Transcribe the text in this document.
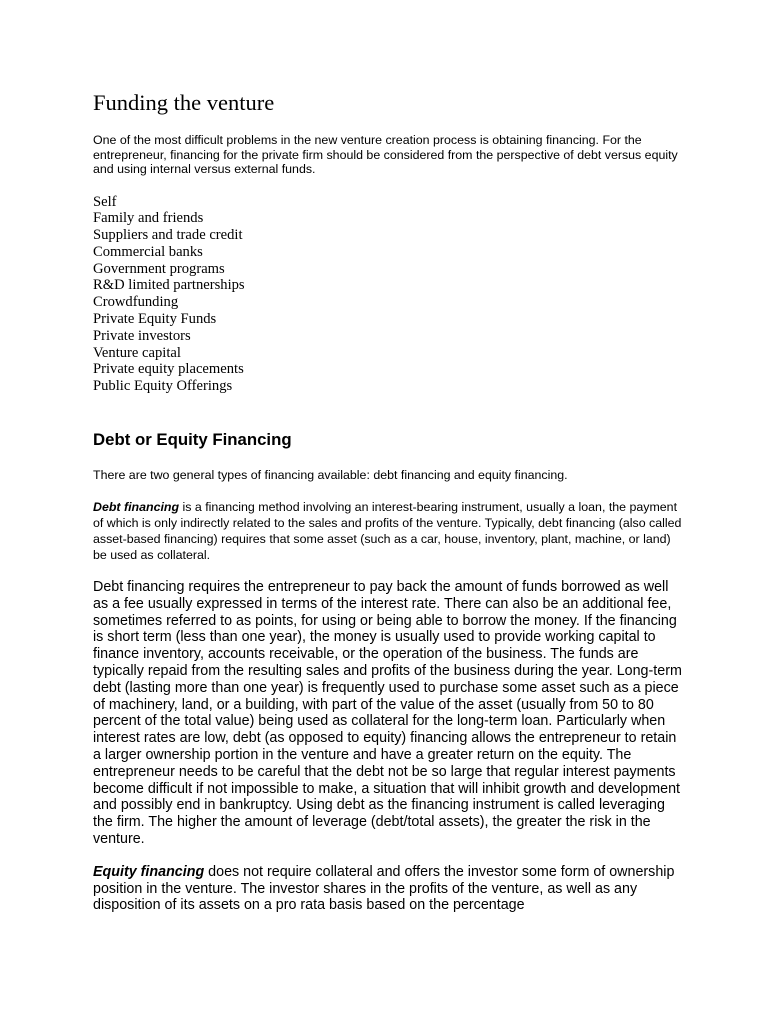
Funding the venture

One of the most difficult problems in the new venture creation process is obtaining financing. For the entrepreneur, financing for the private firm should be considered from the perspective of debt versus equity and using internal versus external funds.

Self
Family and friends
Suppliers and trade credit
Commercial banks
Government programs
R&D limited partnerships
Crowdfunding
Private Equity Funds
Private investors
Venture capital
Private equity placements
Public Equity Offerings
Debt or Equity Financing

There are two general types of financing available: debt financing and equity financing.

Debt financing is a financing method involving an interest-bearing instrument, usually a loan, the payment of which is only indirectly related to the sales and profits of the venture. Typically, debt financing (also called asset-based financing) requires that some asset (such as a car, house, inventory, plant, machine, or land) be used as collateral.

Debt financing requires the entrepreneur to pay back the amount of funds borrowed as well as a fee usually expressed in terms of the interest rate. There can also be an additional fee, sometimes referred to as points, for using or being able to borrow the money. If the financing is short term (less than one year), the money is usually used to provide working capital to finance inventory, accounts receivable, or the operation of the business. The funds are typically repaid from the resulting sales and profits of the business during the year. Long-term debt (lasting more than one year) is frequently used to purchase some asset such as a piece of machinery, land, or a building, with part of the value of the asset (usually from 50 to 80 percent of the total value) being used as collateral for the long-term loan. Particularly when interest rates are low, debt (as opposed to equity) financing allows the entrepreneur to retain a larger ownership portion in the venture and have a greater return on the equity. The entrepreneur needs to be careful that the debt not be so large that regular interest payments become difficult if not impossible to make, a situation that will inhibit growth and development and possibly end in bankruptcy. Using debt as the financing instrument is called leveraging the firm. The higher the amount of leverage (debt/total assets), the greater the risk in the venture.

Equity financing does not require collateral and offers the investor some form of ownership position in the venture. The investor shares in the profits of the venture, as well as any disposition of its assets on a pro rata basis based on the percentage
